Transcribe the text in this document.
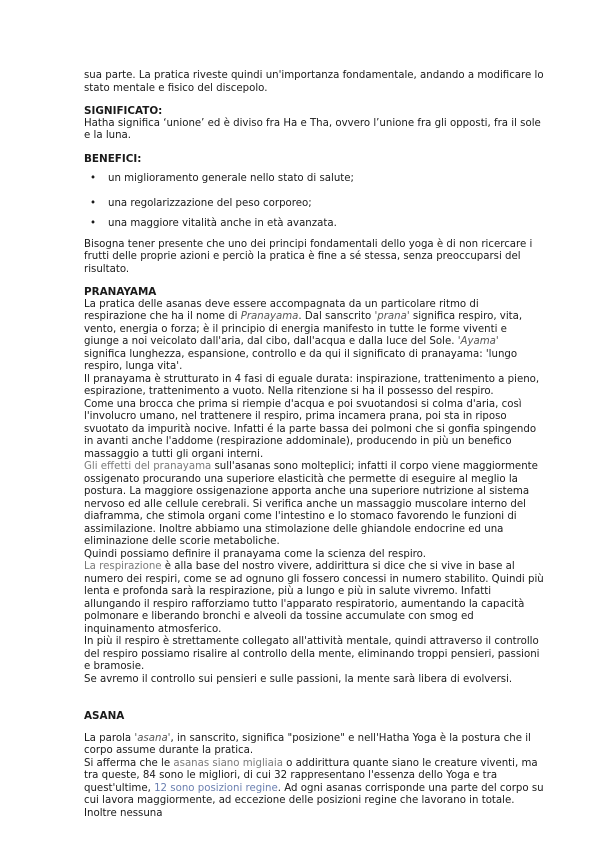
sua parte. La pratica riveste quindi un'importanza fondamentale, andando a modificare lo stato mentale e fisico del discepolo.

SIGNIFICATO:

Hatha significa ‘unione’ ed è diviso fra Ha e Tha, ovvero l’unione fra gli opposti, fra il sole e la luna.

BENEFICI:

• un miglioramento generale nello stato di salute;
• una regolarizzazione del peso corporeo;
• una maggiore vitalità anche in età avanzata.

Bisogna tener presente che uno dei principi fondamentali dello yoga è di non ricercare i frutti delle proprie azioni e perciò la pratica è fine a sé stessa, senza preoccuparsi del risultato.

PRANAYAMA

La pratica delle asanas deve essere accompagnata da un particolare ritmo di respirazione che ha il nome di Pranayama. Dal sanscrito 'prana' significa respiro, vita, vento, energia o forza; è il principio di energia manifesto in tutte le forme viventi e giunge a noi veicolato dall'aria, dal cibo, dall'acqua e dalla luce del Sole. 'Ayama' significa lunghezza, espansione, controllo e da qui il significato di pranayama: 'lungo respiro, lunga vita'.

Il pranayama è strutturato in 4 fasi di eguale durata: inspirazione, trattenimento a pieno, espirazione, trattenimento a vuoto. Nella ritenzione si ha il possesso del respiro.

Come una brocca che prima si riempie d'acqua e poi svuotandosi si colma d'aria, così l'involucro umano, nel trattenere il respiro, prima incamera prana, poi sta in riposo svuotato da impurità nocive. Infatti é la parte bassa dei polmoni che si gonfia spingendo in avanti anche l'addome (respirazione addominale), producendo in più un benefico massaggio a tutti gli organi interni.

Gli effetti del pranayama sull'asanas sono molteplici; infatti il corpo viene maggiormente ossigenato procurando una superiore elasticità che permette di eseguire al meglio la postura. La maggiore ossigenazione apporta anche una superiore nutrizione al sistema nervoso ed alle cellule cerebrali. Si verifica anche un massaggio muscolare interno del diaframma, che stimola organi come l'intestino e lo stomaco favorendo le funzioni di assimilazione. Inoltre abbiamo una stimolazione delle ghiandole endocrine ed una eliminazione delle scorie metaboliche.

Quindi possiamo definire il pranayama come la scienza del respiro.

La respirazione è alla base del nostro vivere, addirittura si dice che si vive in base al numero dei respiri, come se ad ognuno gli fossero concessi in numero stabilito. Quindi più lenta e profonda sarà la respirazione, più a lungo e più in salute vivremo. Infatti allungando il respiro rafforziamo tutto l'apparato respiratorio, aumentando la capacità polmonare e liberando bronchi e alveoli da tossine accumulate con smog ed inquinamento atmosferico.

In più il respiro è strettamente collegato all'attività mentale, quindi attraverso il controllo del respiro possiamo risalire al controllo della mente, eliminando troppi pensieri, passioni e bramosie.

Se avremo il controllo sui pensieri e sulle passioni, la mente sarà libera di evolversi.

ASANA

La parola 'asana', in sanscrito, significa "posizione" e nell'Hatha Yoga è la postura che il corpo assume durante la pratica.

Si afferma che le asanas siano migliaia o addirittura quante siano le creature viventi, ma tra queste, 84 sono le migliori, di cui 32 rappresentano l'essenza dello Yoga e tra quest'ultime, 12 sono posizioni regine. Ad ogni asanas corrisponde una parte del corpo su cui lavora maggiormente, ad eccezione delle posizioni regine che lavorano in totale. Inoltre nessuna
